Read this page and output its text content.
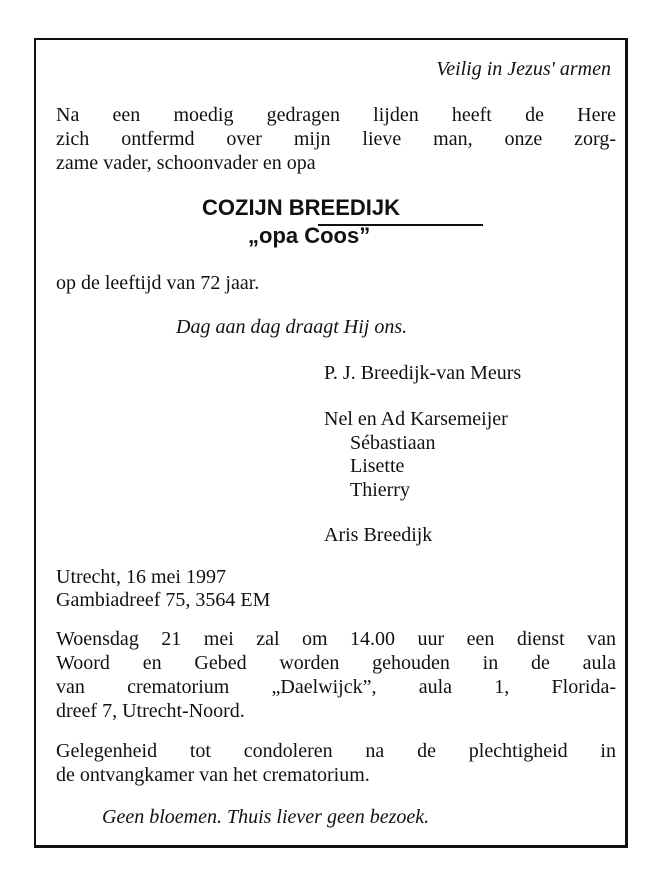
Veilig in Jezus' armen

Na een moedig gedragen lijden heeft de Here

zich ontfermd over mijn lieve man, onze zorg-

zame vader, schoonvader en opa

COZIJN BREEDIJK

„opa Coos”

op de leeftijd van 72 jaar.

Dag aan dag draagt Hij ons.

P. J. Breedijk-van Meurs

Nel en Ad Karsemeijer

Sébastiaan

Lisette

Thierry

Aris Breedijk

Utrecht, 16 mei 1997

Gambiadreef 75, 3564 EM

Woensdag 21 mei zal om 14.00 uur een dienst van

Woord en Gebed worden gehouden in de aula

van crematorium „Daelwijck”, aula 1, Florida-

dreef 7, Utrecht-Noord.

Gelegenheid tot condoleren na de plechtigheid in

de ontvangkamer van het crematorium.

Geen bloemen. Thuis liever geen bezoek.
